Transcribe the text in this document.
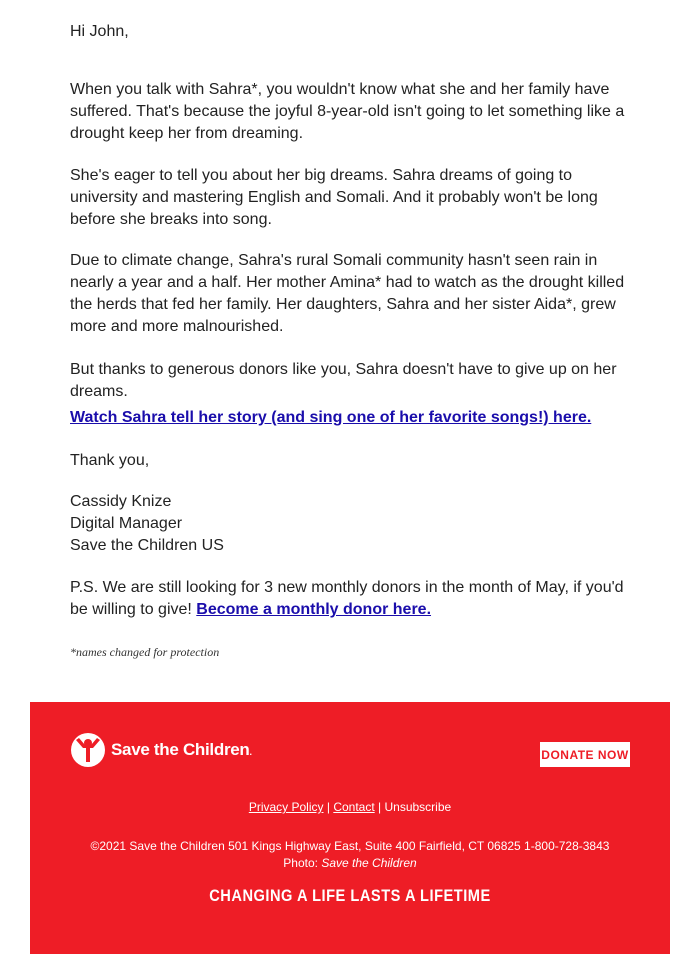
Hi John,

When you talk with Sahra*, you wouldn't know what she and her family have suffered. That's because the joyful 8-year-old isn't going to let something like a drought keep her from dreaming.

She's eager to tell you about her big dreams. Sahra dreams of going to university and mastering English and Somali. And it probably won't be long before she breaks into song.

Due to climate change, Sahra's rural Somali community hasn't seen rain in nearly a year and a half. Her mother Amina* had to watch as the drought killed the herds that fed her family. Her daughters, Sahra and her sister Aida*, grew more and more malnourished.

But thanks to generous donors like you, Sahra doesn't have to give up on her dreams.

Watch Sahra tell her story (and sing one of her favorite songs!) here.
Thank you,
Cassidy Knize
Digital Manager
Save the Children US
P.S. We are still looking for 3 new monthly donors in the month of May, if you'd be willing to give! Become a monthly donor here.
*names changed for protection
Save the Children.	DONATE NOW
Privacy Policy | Contact | Unsubscribe
©2021 Save the Children 501 Kings Highway East, Suite 400 Fairfield, CT 06825 1-800-728-3843
Photo: Save the Children
CHANGING A LIFE LASTS A LIFETIME
